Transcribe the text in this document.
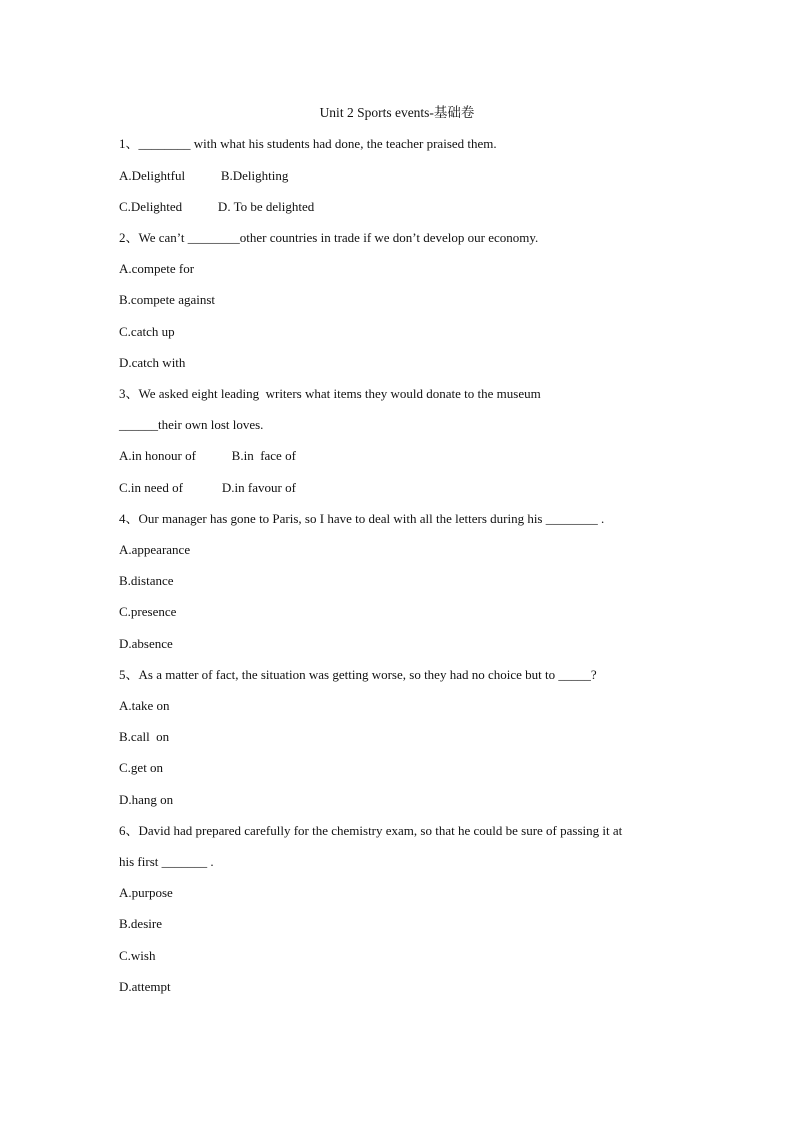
Unit 2 Sports events-基础卷
1、________ with what his students had done, the teacher praised them.
A.Delightful           B.Delighting
C.Delighted           D. To be delighted
2、We can’t ________other countries in trade if we don’t develop our economy.
A.compete for
B.compete against
C.catch up
D.catch with
3、We asked eight leading  writers what items they would donate to the museum
______their own lost loves.
A.in honour of           B.in  face of
C.in need of            D.in favour of
4、Our manager has gone to Paris, so I have to deal with all the letters during his ________ .
A.appearance
B.distance
C.presence
D.absence
5、As a matter of fact, the situation was getting worse, so they had no choice but to _____?
A.take on
B.call  on
C.get on
D.hang on
6、David had prepared carefully for the chemistry exam, so that he could be sure of passing it at
his first _______ .
A.purpose
B.desire
C.wish
D.attempt
